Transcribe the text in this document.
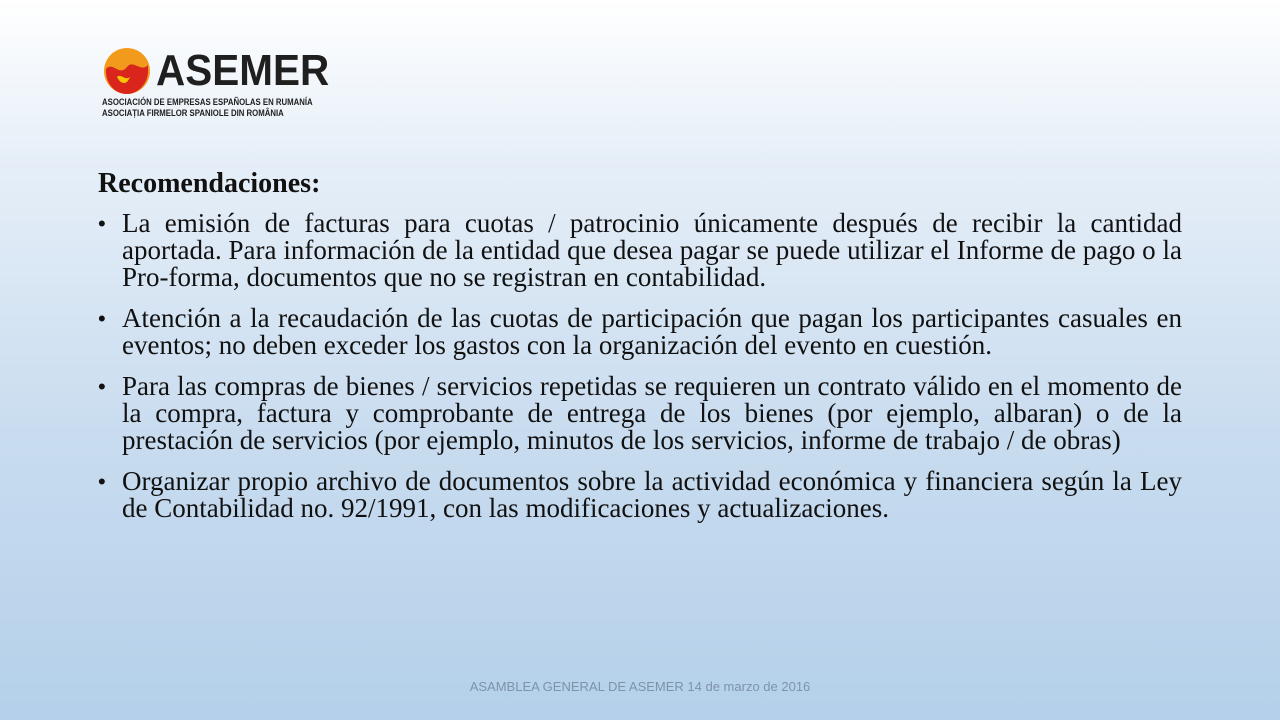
ASEMER
ASOCIACIÓN DE EMPRESAS ESPAÑOLAS EN RUMANÍA
ASOCIAȚIA FIRMELOR SPANIOLE DIN ROMÂNIA
Recomendaciones:
• La emisión de facturas para cuotas / patrocinio únicamente después de recibir la cantidad aportada. Para información de la entidad que desea pagar se puede utilizar el Informe de pago o la Pro-forma, documentos que no se registran en contabilidad.
• Atención a la recaudación de las cuotas de participación que pagan los participantes casuales en eventos; no deben exceder los gastos con la organización del evento en cuestión.
• Para las compras de bienes / servicios repetidas se requieren un contrato válido en el momento de la compra, factura y comprobante de entrega de los bienes (por ejemplo, albaran) o de la prestación de servicios (por ejemplo, minutos de los servicios, informe de trabajo / de obras)
• Organizar propio archivo de documentos sobre la actividad económica y financiera según la Ley de Contabilidad no. 92/1991, con las modificaciones y actualizaciones.
ASAMBLEA GENERAL DE ASEMER 14 de marzo de 2016
